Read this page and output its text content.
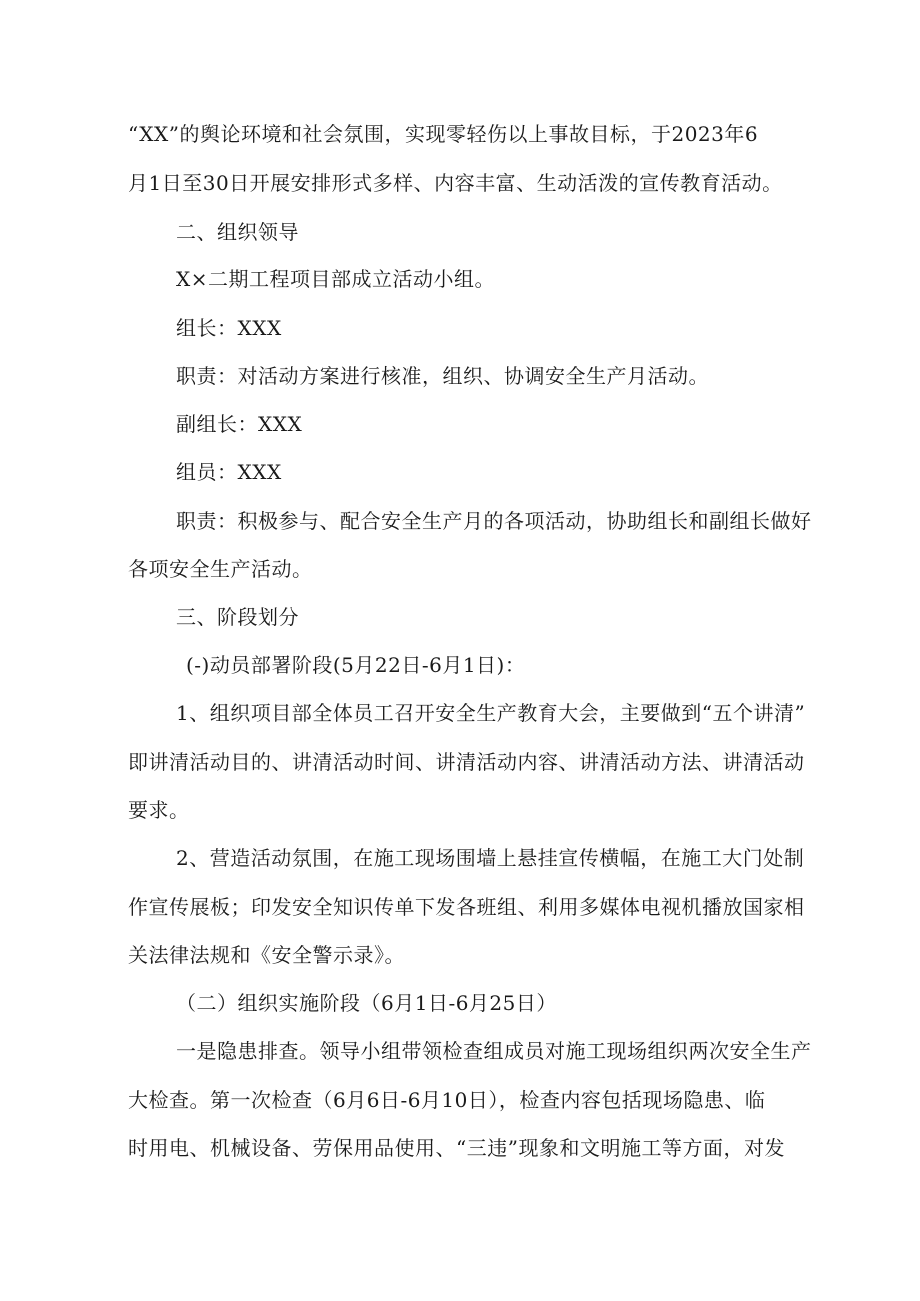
“XX”的舆论环境和社会氛围，实现零轻伤以上事故目标，于2023年6
月1日至30日开展安排形式多样、内容丰富、生动活泼的宣传教育活动。
二、组织领导
X×二期工程项目部成立活动小组。
组长：XXX
职责：对活动方案进行核准，组织、协调安全生产月活动。
副组长：XXX
组员：XXX
职责：积极参与、配合安全生产月的各项活动，协助组长和副组长做好
各项安全生产活动。
三、阶段划分
(-)动员部署阶段(5月22日-6月1日)：
1、组织项目部全体员工召开安全生产教育大会，主要做到“五个讲清”
即讲清活动目的、讲清活动时间、讲清活动内容、讲清活动方法、讲清活动
要求。
2、营造活动氛围，在施工现场围墙上悬挂宣传横幅，在施工大门处制
作宣传展板；印发安全知识传单下发各班组、利用多媒体电视机播放国家相
关法律法规和《安全警示录》。
（二）组织实施阶段（6月1日-6月25日）
一是隐患排查。领导小组带领检查组成员对施工现场组织两次安全生产
大检查。第一次检查（6月6日-6月10日），检查内容包括现场隐患、临
时用电、机械设备、劳保用品使用、“三违”现象和文明施工等方面，对发
